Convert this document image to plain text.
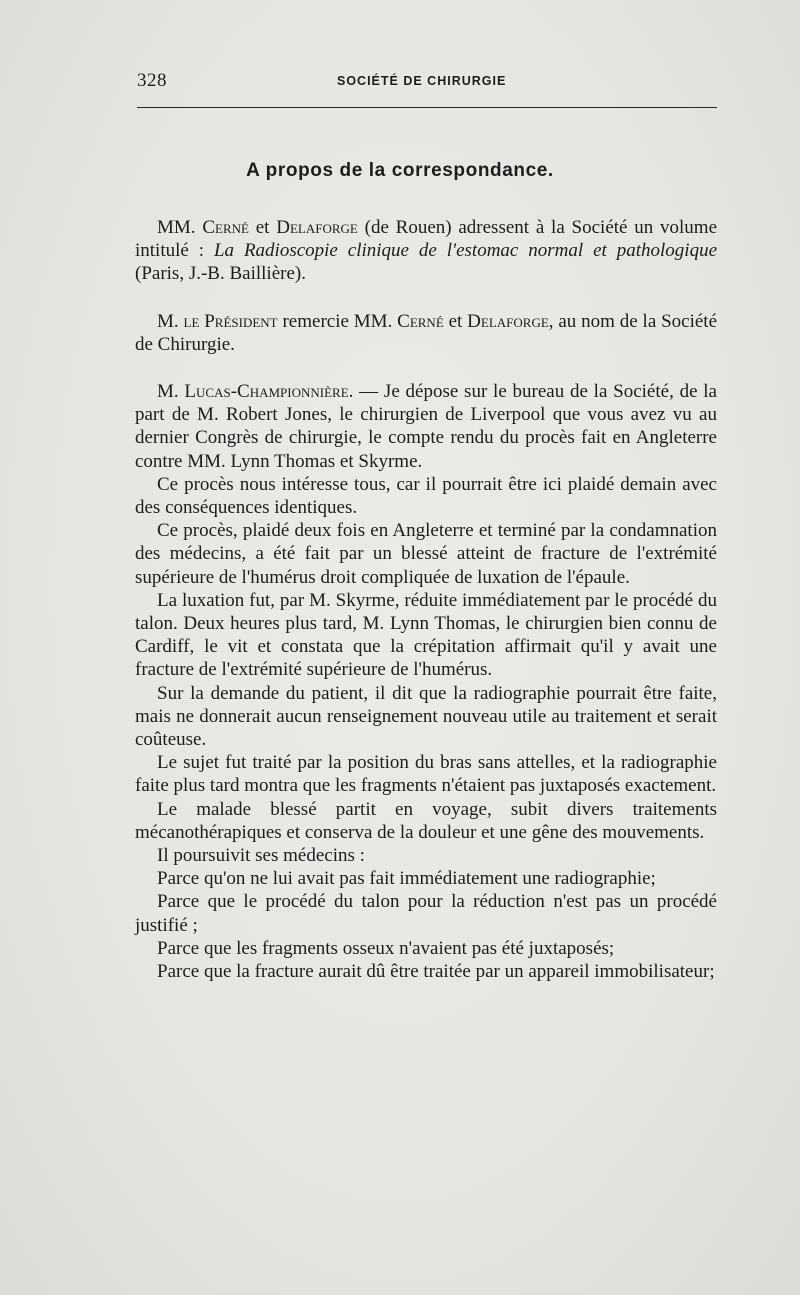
328	SOCIÉTÉ DE CHIRURGIE
A propos de la correspondance.

MM. Cerné et Delaforge (de Rouen) adressent à la Société un volume intitulé : La Radioscopie clinique de l'estomac normal et pathologique (Paris, J.-B. Baillière).

M. le Président remercie MM. Cerné et Delaforge, au nom de la Société de Chirurgie.

M. Lucas-Championnière. — Je dépose sur le bureau de la Société, de la part de M. Robert Jones, le chirurgien de Liverpool que vous avez vu au dernier Congrès de chirurgie, le compte rendu du procès fait en Angleterre contre MM. Lynn Thomas et Skyrme.

Ce procès nous intéresse tous, car il pourrait être ici plaidé demain avec des conséquences identiques.

Ce procès, plaidé deux fois en Angleterre et terminé par la condamnation des médecins, a été fait par un blessé atteint de fracture de l'extrémité supérieure de l'humérus droit compliquée de luxation de l'épaule.

La luxation fut, par M. Skyrme, réduite immédiatement par le procédé du talon. Deux heures plus tard, M. Lynn Thomas, le chirurgien bien connu de Cardiff, le vit et constata que la crépitation affirmait qu'il y avait une fracture de l'extrémité supérieure de l'humérus.

Sur la demande du patient, il dit que la radiographie pourrait être faite, mais ne donnerait aucun renseignement nouveau utile au traitement et serait coûteuse.

Le sujet fut traité par la position du bras sans attelles, et la radiographie faite plus tard montra que les fragments n'étaient pas juxtaposés exactement.

Le malade blessé partit en voyage, subit divers traitements mécanothérapiques et conserva de la douleur et une gêne des mouvements.

Il poursuivit ses médecins :

Parce qu'on ne lui avait pas fait immédiatement une radiographie;

Parce que le procédé du talon pour la réduction n'est pas un procédé justifié ;

Parce que les fragments osseux n'avaient pas été juxtaposés;

Parce que la fracture aurait dû être traitée par un appareil immobilisateur;
